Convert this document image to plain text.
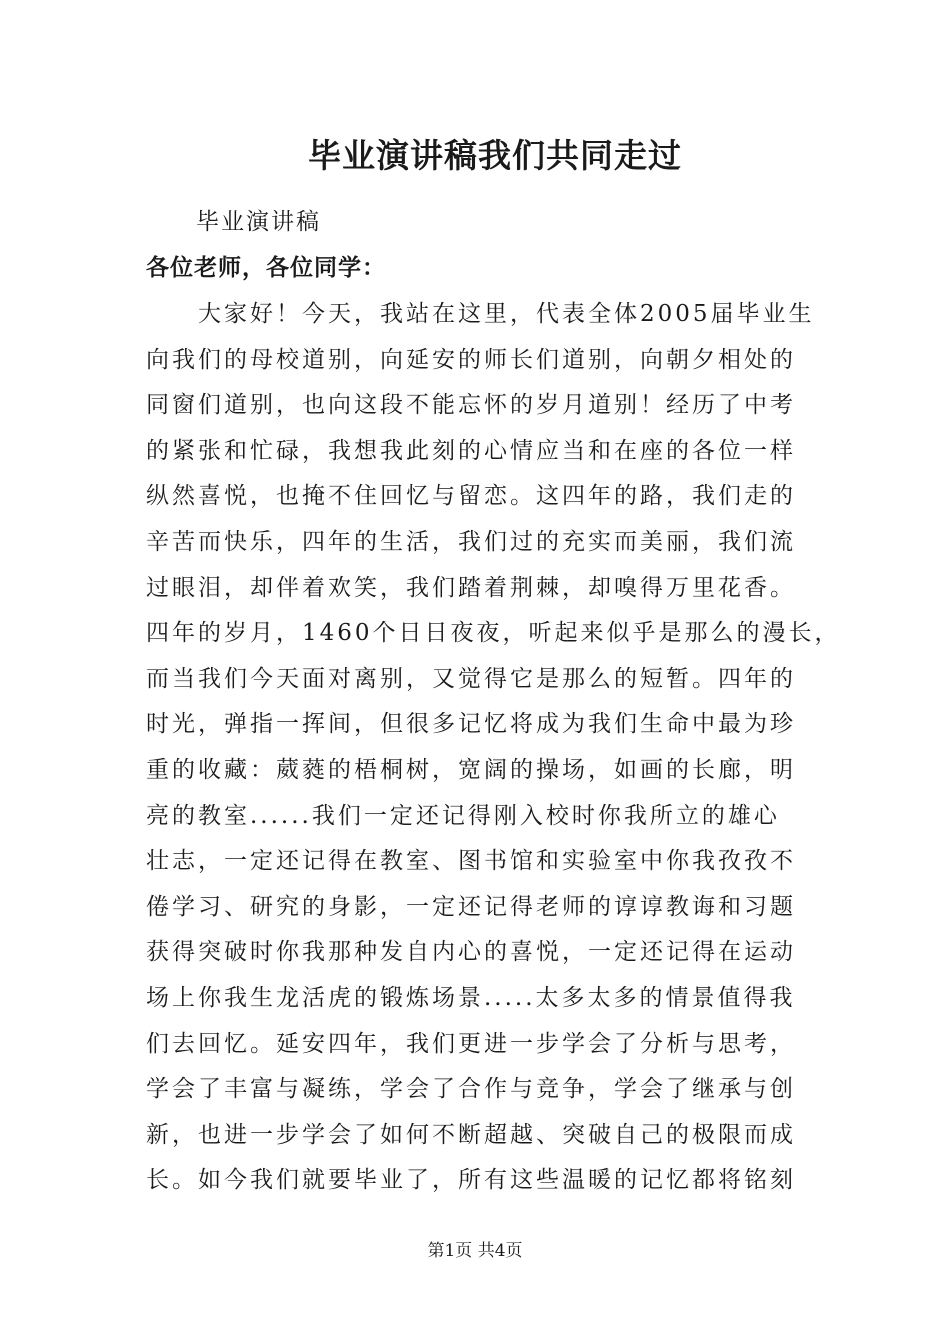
毕业演讲稿我们共同走过
毕业演讲稿
各位老师，各位同学：
　　大家好！今天，我站在这里，代表全体2005届毕业生
向我们的母校道别，向延安的师长们道别，向朝夕相处的
同窗们道别，也向这段不能忘怀的岁月道别！经历了中考
的紧张和忙碌，我想我此刻的心情应当和在座的各位一样
纵然喜悦，也掩不住回忆与留恋。这四年的路，我们走的
辛苦而快乐，四年的生活，我们过的充实而美丽，我们流
过眼泪，却伴着欢笑，我们踏着荆棘，却嗅得万里花香。
四年的岁月，1460个日日夜夜，听起来似乎是那么的漫长，
而当我们今天面对离别，又觉得它是那么的短暂。四年的
时光，弹指一挥间，但很多记忆将成为我们生命中最为珍
重的收藏：葳蕤的梧桐树，宽阔的操场，如画的长廊，明
亮的教室......我们一定还记得刚入校时你我所立的雄心
壮志，一定还记得在教室、图书馆和实验室中你我孜孜不
倦学习、研究的身影，一定还记得老师的谆谆教诲和习题
获得突破时你我那种发自内心的喜悦，一定还记得在运动
场上你我生龙活虎的锻炼场景.....太多太多的情景值得我
们去回忆。延安四年，我们更进一步学会了分析与思考，
学会了丰富与凝练，学会了合作与竞争，学会了继承与创
新，也进一步学会了如何不断超越、突破自己的极限而成
长。如今我们就要毕业了，所有这些温暖的记忆都将铭刻
第1页 共4页
